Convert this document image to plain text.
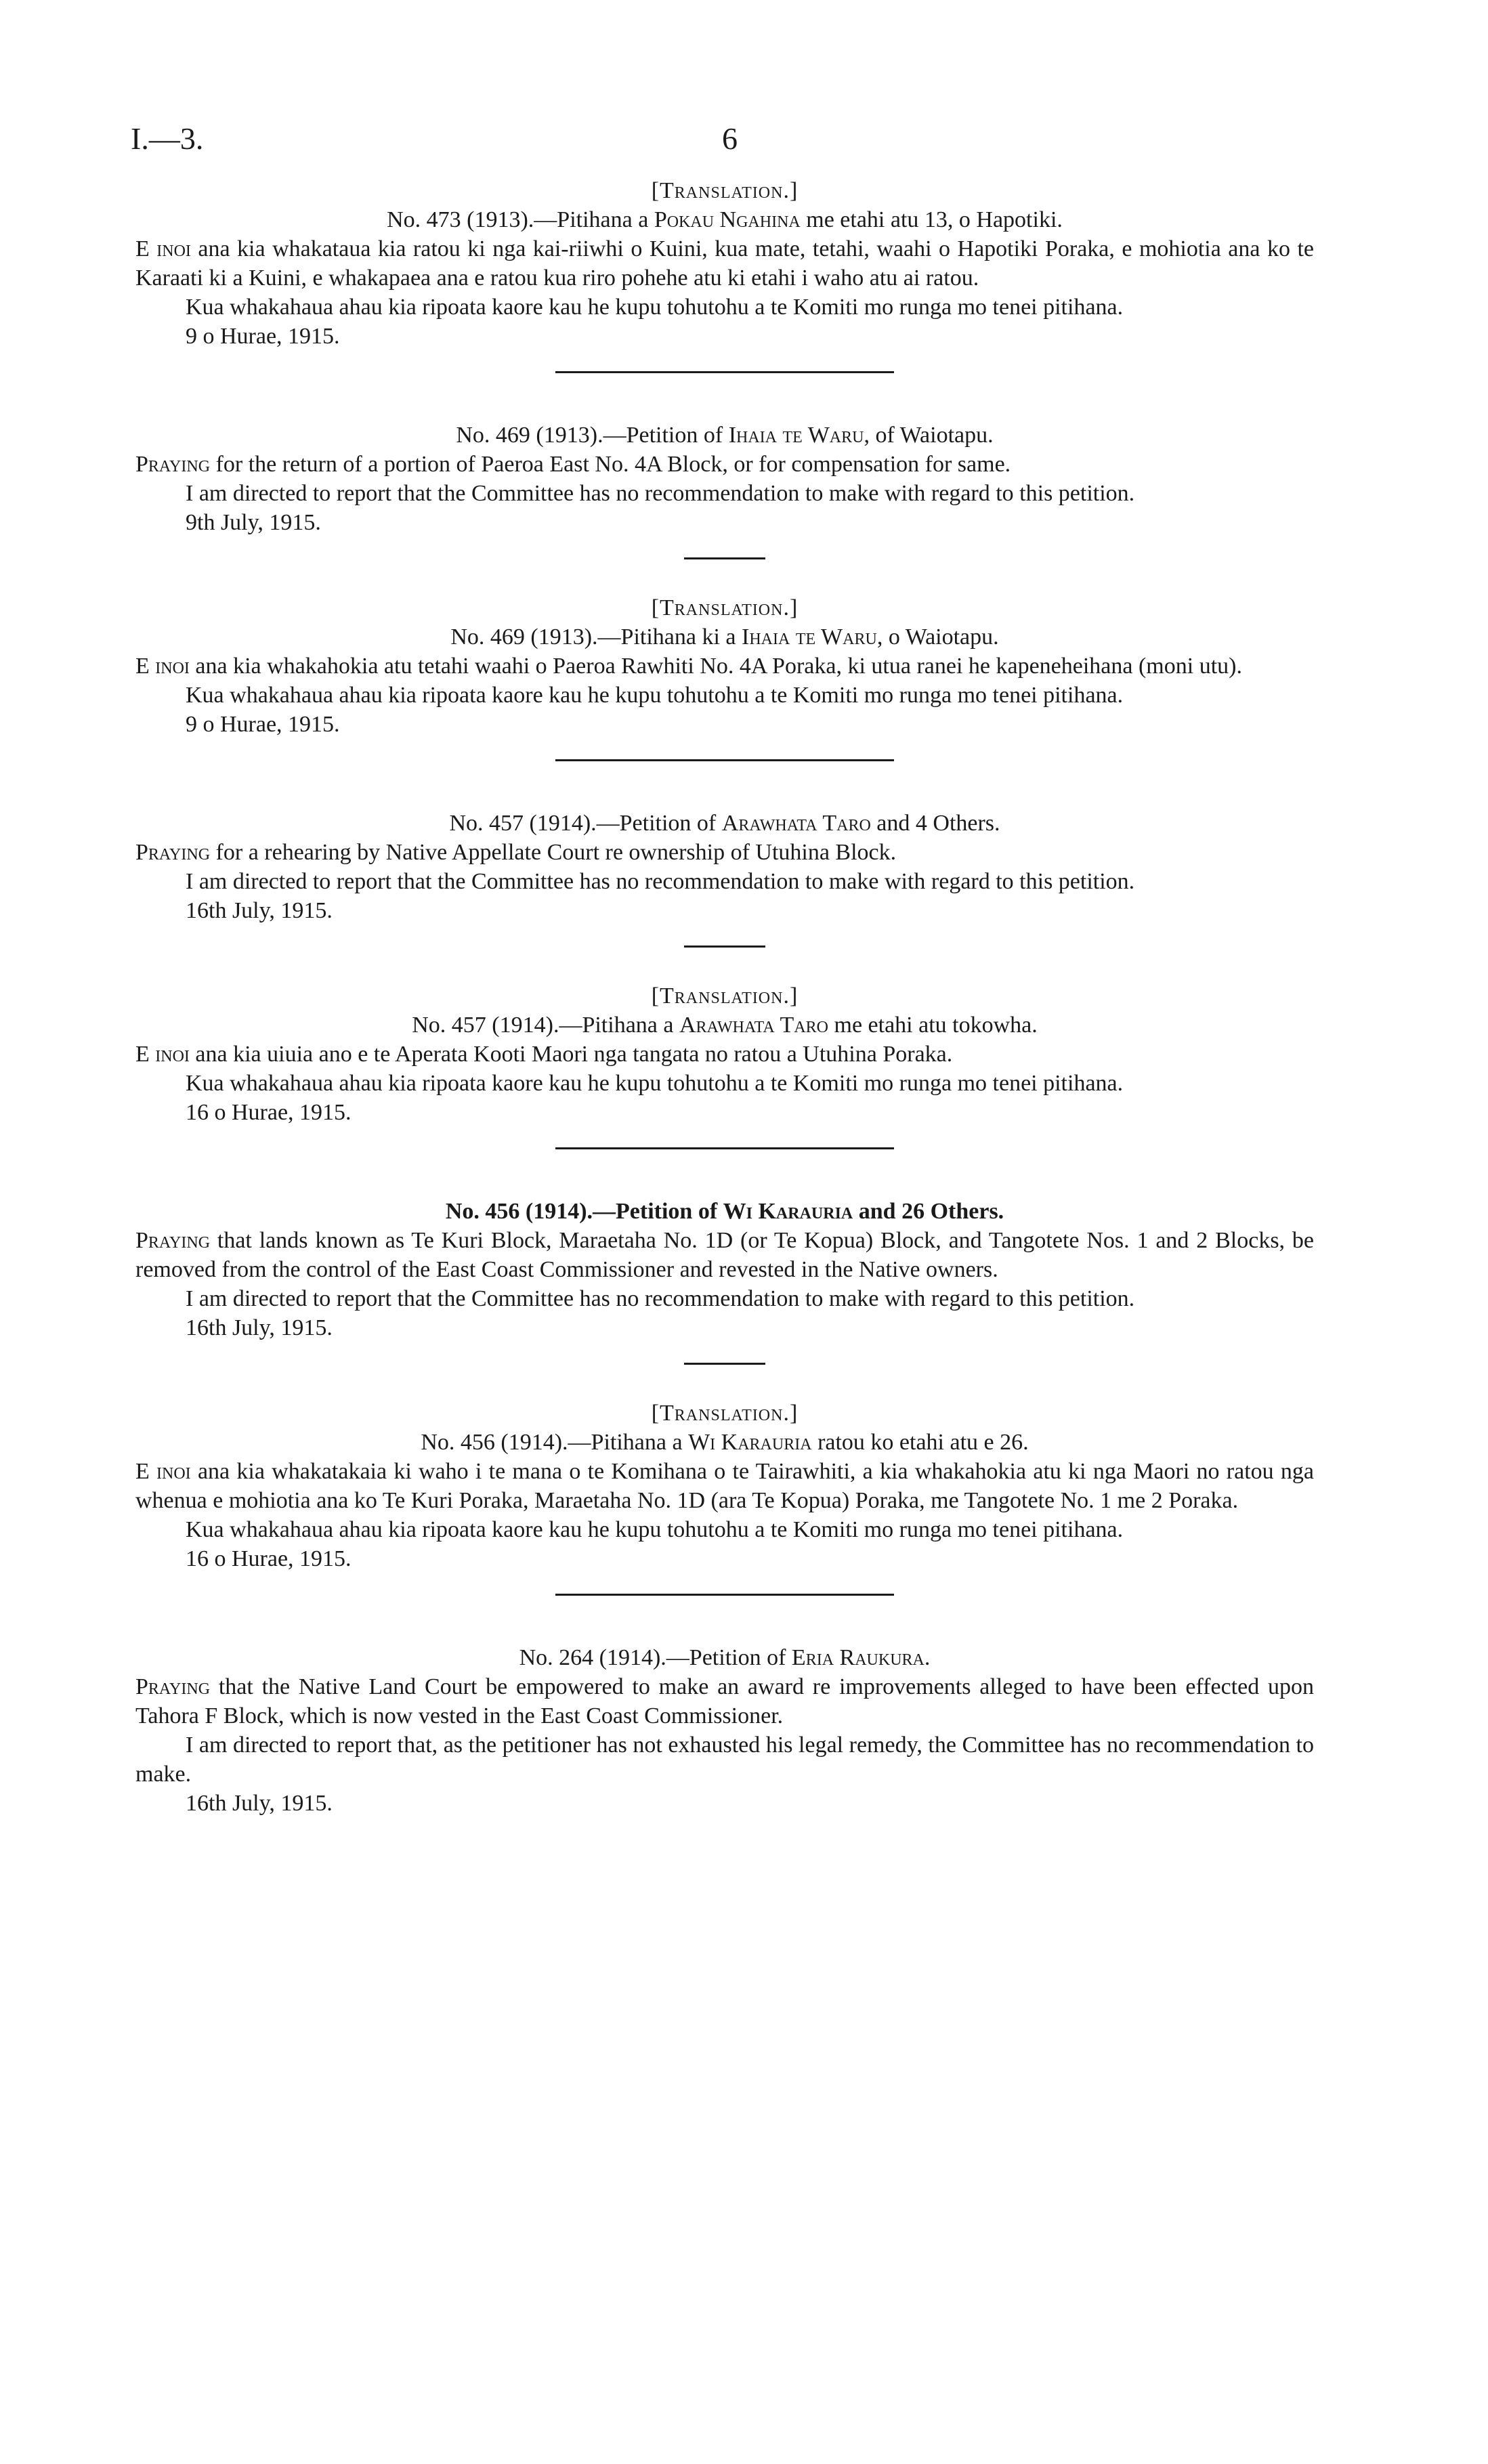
I.—3.	6
[Translation.]
No. 473 (1913).—Pitihana a Pokau Ngahina me etahi atu 13, o Hapotiki.
E inoi ana kia whakataua kia ratou ki nga kai-riiwhi o Kuini, kua mate, tetahi, waahi o Hapotiki Poraka, e mohiotia ana ko te Karaati ki a Kuini, e whakapaea ana e ratou kua riro pohehe atu ki etahi i waho atu ai ratou.
Kua whakahaua ahau kia ripoata kaore kau he kupu tohutohu a te Komiti mo runga mo tenei pitihana.
9 o Hurae, 1915.
No. 469 (1913).—Petition of Ihaia te Waru, of Waiotapu.
Praying for the return of a portion of Paeroa East No. 4A Block, or for compensation for same.
I am directed to report that the Committee has no recommendation to make with regard to this petition.
9th July, 1915.
[Translation.]
No. 469 (1913).—Pitihana ki a Ihaia te Waru, o Waiotapu.
E inoi ana kia whakahokia atu tetahi waahi o Paeroa Rawhiti No. 4A Poraka, ki utua ranei he kapeneheihana (moni utu).
Kua whakahaua ahau kia ripoata kaore kau he kupu tohutohu a te Komiti mo runga mo tenei pitihana.
9 o Hurae, 1915.
No. 457 (1914).—Petition of Arawhata Taro and 4 Others.
Praying for a rehearing by Native Appellate Court re ownership of Utuhina Block.
I am directed to report that the Committee has no recommendation to make with regard to this petition.
16th July, 1915.
[Translation.]
No. 457 (1914).—Pitihana a Arawhata Taro me etahi atu tokowha.
E inoi ana kia uiuia ano e te Aperata Kooti Maori nga tangata no ratou a Utuhina Poraka.
Kua whakahaua ahau kia ripoata kaore kau he kupu tohutohu a te Komiti mo runga mo tenei pitihana.
16 o Hurae, 1915.
No. 456 (1914).—Petition of Wi Karauria and 26 Others.
Praying that lands known as Te Kuri Block, Maraetaha No. 1D (or Te Kopua) Block, and Tangotete Nos. 1 and 2 Blocks, be removed from the control of the East Coast Commissioner and revested in the Native owners.
I am directed to report that the Committee has no recommendation to make with regard to this petition.
16th July, 1915.
[Translation.]
No. 456 (1914).—Pitihana a Wi Karauria ratou ko etahi atu e 26.
E inoi ana kia whakatakaia ki waho i te mana o te Komihana o te Tairawhiti, a kia whakahokia atu ki nga Maori no ratou nga whenua e mohiotia ana ko Te Kuri Poraka, Maraetaha No. 1D (ara Te Kopua) Poraka, me Tangotete No. 1 me 2 Poraka.
Kua whakahaua ahau kia ripoata kaore kau he kupu tohutohu a te Komiti mo runga mo tenei pitihana.
16 o Hurae, 1915.
No. 264 (1914).—Petition of Eria Raukura.
Praying that the Native Land Court be empowered to make an award re improvements alleged to have been effected upon Tahora F Block, which is now vested in the East Coast Commissioner.
I am directed to report that, as the petitioner has not exhausted his legal remedy, the Committee has no recommendation to make.
16th July, 1915.
